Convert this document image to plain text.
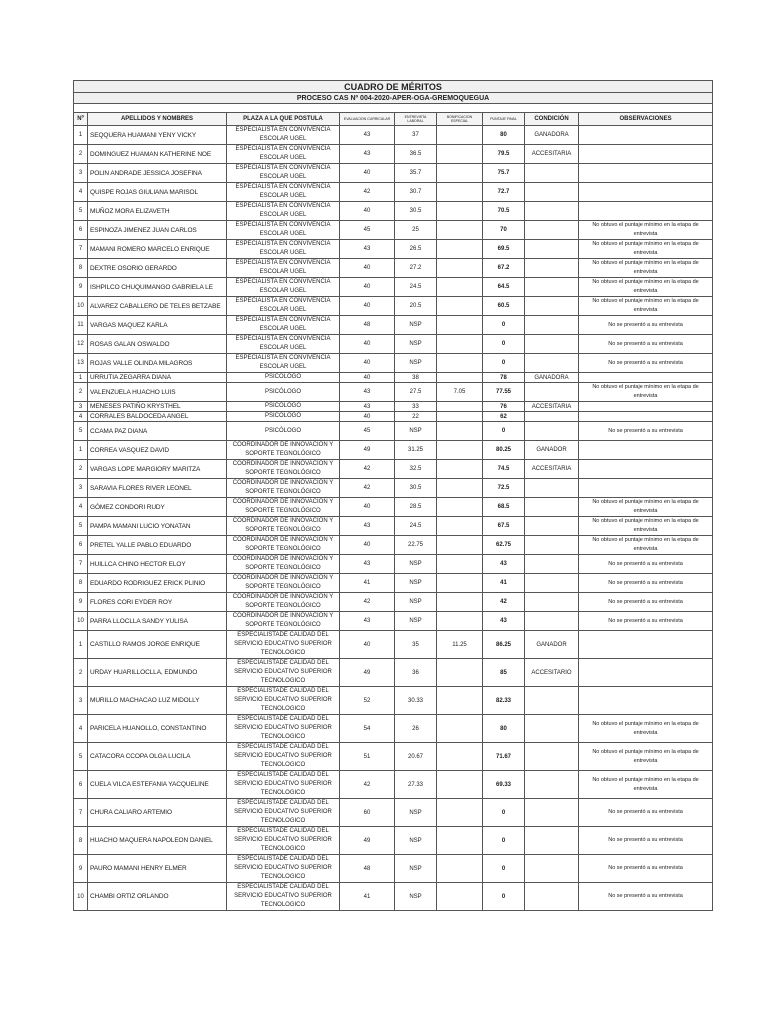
CUADRO DE MÉRITOS								
PROCESO CAS Nº 004-2020-APER-OGA-GREMOQUEGUA								

Nº	APELLIDOS Y NOMBRES	PLAZA A LA QUE POSTULA	EVALUACION CURRICULAR	ENTREVISTA LABORAL	BONIFICACION ESPECIAL	PUNTAJE FINAL	CONDICIÓN	OBSERVACIONES
1	SEQQUERA HUAMANI YENY VICKY	ESPECIALISTA EN CONVIVENCIA ESCOLAR UGEL	43	37		80	GANADORA	
2	DOMINGUEZ HUAMAN KATHERINE NOE	ESPECIALISTA EN CONVIVENCIA ESCOLAR UGEL	43	36.5		79.5	ACCESITARIA	
3	POLIN ANDRADE JESSICA JOSEFINA	ESPECIALISTA EN CONVIVENCIA ESCOLAR UGEL	40	35.7		75.7		
4	QUISPE ROJAS GIULIANA MARISOL	ESPECIALISTA EN CONVIVENCIA ESCOLAR UGEL	42	30.7		72.7		
5	MUÑOZ MORA ELIZAVETH	ESPECIALISTA EN CONVIVENCIA ESCOLAR UGEL	40	30.5		70.5		
6	ESPINOZA JIMENEZ JUAN CARLOS	ESPECIALISTA EN CONVIVENCIA ESCOLAR UGEL	45	25		70		No obtuvo el puntaje mínimo en la etapa de entrevista
7	MAMANI ROMERO MARCELO ENRIQUE	ESPECIALISTA EN CONVIVENCIA ESCOLAR UGEL	43	26.5		69.5		No obtuvo el puntaje mínimo en la etapa de entrevista
8	DEXTRE OSORIO GERARDO	ESPECIALISTA EN CONVIVENCIA ESCOLAR UGEL	40	27.2		67.2		No obtuvo el puntaje mínimo en la etapa de entrevista
9	ISHPILCO CHUQUIMANGO GABRIELA LE	ESPECIALISTA EN CONVIVENCIA ESCOLAR UGEL	40	24.5		64.5		No obtuvo el puntaje mínimo en la etapa de entrevista
10	ALVAREZ CABALLERO DE TELES BETZABE	ESPECIALISTA EN CONVIVENCIA ESCOLAR UGEL	40	20.5		60.5		No obtuvo el puntaje mínimo en la etapa de entrevista
11	VARGAS MAQUEZ KARLA	ESPECIALISTA EN CONVIVENCIA ESCOLAR UGEL	48	NSP		0		No se presentó a su entrevista
12	ROSAS GALAN OSWALDO	ESPECIALISTA EN CONVIVENCIA ESCOLAR UGEL	40	NSP		0		No se presentó a su entrevista
13	ROJAS VALLE OLINDA MILAGROS	ESPECIALISTA EN CONVIVENCIA ESCOLAR UGEL	40	NSP		0		No se presentó a su entrevista
1	URRUTIA ZEGARRA DIANA	PSICÓLOGO	40	38		78	GANADORA	
2	VALENZUELA HUACHO LUIS	PSICÓLOGO	43	27.5	7.05	77.55		No obtuvo el puntaje mínimo en la etapa de entrevista
3	MENESES PATIÑO KRYSTHEL	PSICÓLOGO	43	33		76	ACCESITARIA	
4	CORRALES BALDOCEDA ANGEL	PSICÓLOGO	40	22		62		
5	CCAMA PAZ DIANA	PSICÓLOGO	45	NSP		0		No se presentó a su entrevista
1	CORREA VASQUEZ DAVID	COORDINADOR DE INNOVACIÓN Y SOPORTE TEGNOLÓGICO	49	31.25		80.25	GANADOR	
2	VARGAS LOPE MARGIORY MARITZA	COORDINADOR DE INNOVACIÓN Y SOPORTE TEGNOLÓGICO	42	32.5		74.5	ACCESITARIA	
3	SARAVIA FLORES RIVER LEONEL	COORDINADOR DE INNOVACIÓN Y SOPORTE TEGNOLÓGICO	42	30.5		72.5		
4	GÓMEZ CONDORI RUDY	COORDINADOR DE INNOVACIÓN Y SOPORTE TEGNOLÓGICO	40	28.5		68.5		No obtuvo el puntaje mínimo en la etapa de entrevista
5	PAMPA MAMANI LUCIO YONATAN	COORDINADOR DE INNOVACIÓN Y SOPORTE TEGNOLÓGICO	43	24.5		67.5		No obtuvo el puntaje mínimo en la etapa de entrevista
6	PRETEL YALLE PABLO EDUARDO	COORDINADOR DE INNOVACIÓN Y SOPORTE TEGNOLÓGICO	40	22.75		62.75		No obtuvo el puntaje mínimo en la etapa de entrevista
7	HUILLCA CHINO HECTOR ELOY	COORDINADOR DE INNOVACIÓN Y SOPORTE TEGNOLÓGICO	43	NSP		43		No se presentó a su entrevista
8	EDUARDO RODRIGUEZ ERICK PLINIO	COORDINADOR DE INNOVACIÓN Y SOPORTE TEGNOLÓGICO	41	NSP		41		No se presentó a su entrevista
9	FLORES CORI EYDER ROY	COORDINADOR DE INNOVACIÓN Y SOPORTE TEGNOLÓGICO	42	NSP		42		No se presentó a su entrevista
10	PARRA LLOCLLA SANDY YULISA	COORDINADOR DE INNOVACIÓN Y SOPORTE TEGNOLÓGICO	43	NSP		43		No se presentó a su entrevista
1	CASTILLO RAMOS JORGE ENRIQUE	ESPECIALISTADE CALIDAD DEL SERVICIO EDUCATIVO SUPERIOR TECNOLOGICO	40	35	11.25	86.25	GANADOR	
2	URDAY HUARILLOCLLA, EDMUNDO	ESPECIALISTADE CALIDAD DEL SERVICIO EDUCATIVO SUPERIOR TECNOLOGICO	49	36		85	ACCESITARIO	
3	MURILLO MACHACAO LUZ MIDOLLY	ESPECIALISTADE CALIDAD DEL SERVICIO EDUCATIVO SUPERIOR TECNOLOGICO	52	30.33		82.33		
4	PARICELA HUANOLLO, CONSTANTINO	ESPECIALISTADE CALIDAD DEL SERVICIO EDUCATIVO SUPERIOR TECNOLOGICO	54	26		80		No obtuvo el puntaje mínimo en la etapa de entrevista
5	CATACORA CCOPA OLGA LUCILA	ESPECIALISTADE CALIDAD DEL SERVICIO EDUCATIVO SUPERIOR TECNOLOGICO	51	20.67		71.67		No obtuvo el puntaje mínimo en la etapa de entrevista
6	CUELA VILCA ESTEFANIA YACQUELINE	ESPECIALISTADE CALIDAD DEL SERVICIO EDUCATIVO SUPERIOR TECNOLOGICO	42	27.33		69.33		No obtuvo el puntaje mínimo en la etapa de entrevista
7	CHURA CALIARO ARTEMIO	ESPECIALISTADE CALIDAD DEL SERVICIO EDUCATIVO SUPERIOR TECNOLOGICO	60	NSP		0		No se presentó a su entrevista
8	HUACHO MAQUERA NAPOLEON DANIEL	ESPECIALISTADE CALIDAD DEL SERVICIO EDUCATIVO SUPERIOR TECNOLOGICO	49	NSP		0		No se presentó a su entrevista
9	PAURO MAMANI HENRY ELMER	ESPECIALISTADE CALIDAD DEL SERVICIO EDUCATIVO SUPERIOR TECNOLOGICO	48	NSP		0		No se presentó a su entrevista
10	CHAMBI ORTIZ ORLANDO	ESPECIALISTADE CALIDAD DEL SERVICIO EDUCATIVO SUPERIOR TECNOLOGICO	41	NSP		0		No se presentó a su entrevista
